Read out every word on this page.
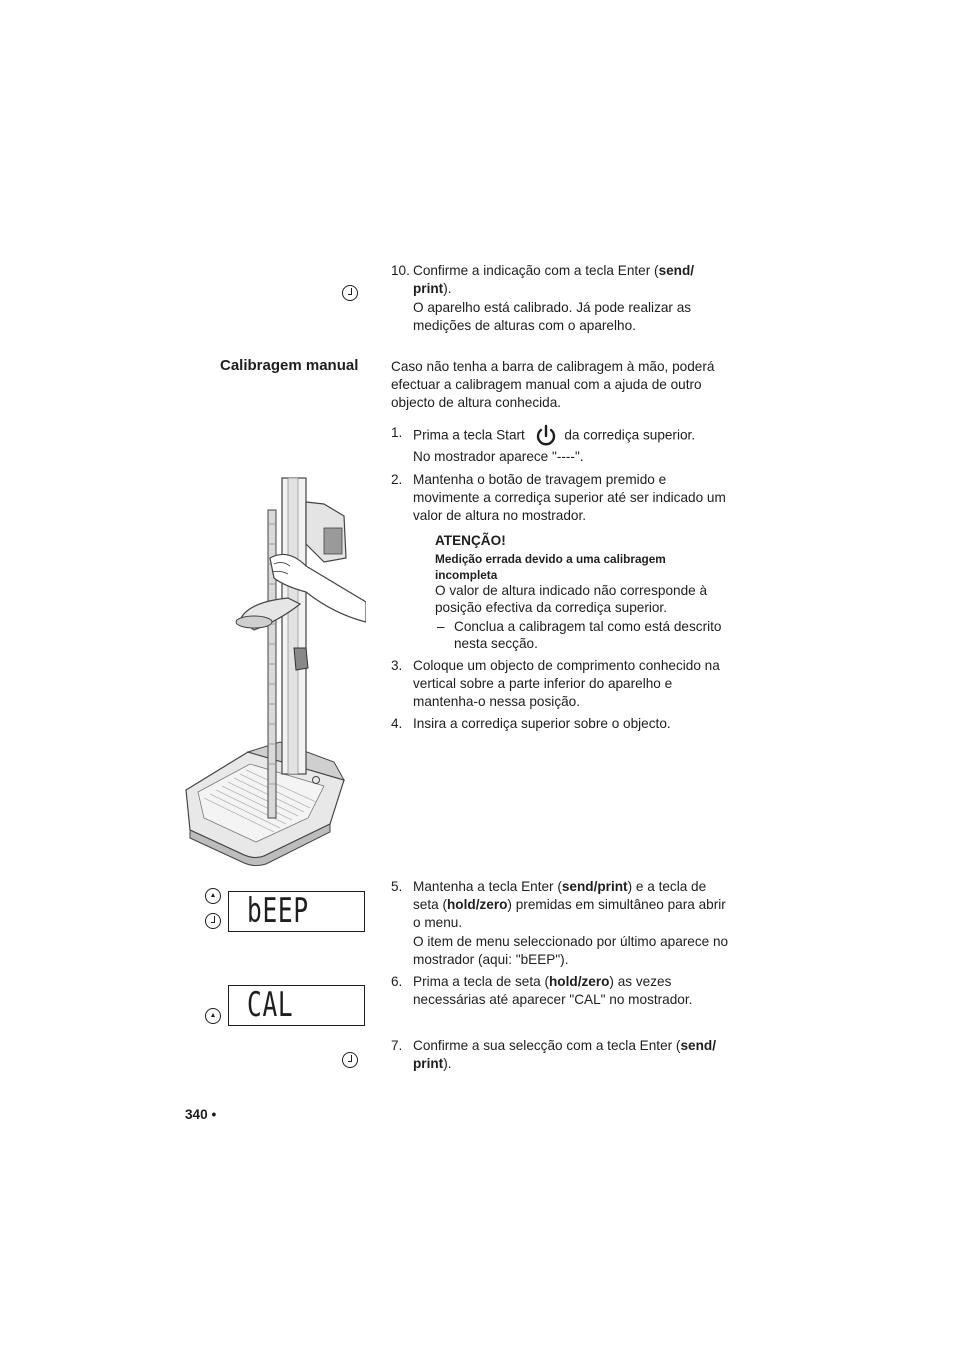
10. Confirme a indicação com a tecla Enter (send/
print).
O aparelho está calibrado. Já pode realizar as medições de alturas com o aparelho.
Calibragem manual Caso não tenha a barra de calibragem à mão, poderá efectuar a calibragem manual com a ajuda de outro objecto de altura conhecida.
1. Prima a tecla Start	da corrediça superior.
No mostrador aparece "----".
2. Mantenha o botão de travagem premido e movimente a corrediça superior até ser indicado um valor de altura no mostrador.
ATENÇÃO!
Medição errada devido a uma calibragem incompleta
O valor de altura indicado não corresponde à posição efectiva da corrediça superior.
– Conclua a calibragem tal como está descrito nesta secção.
3. Coloque um objecto de comprimento conhecido na vertical sobre a parte inferior do aparelho e mantenha-o nessa posição.
4. Insira a corrediça superior sobre o objecto.
bEEP
5. Mantenha a tecla Enter (send/print) e a tecla de seta (hold/zero) premidas em simultâneo para abrir o menu.
O item de menu seleccionado por último aparece no mostrador (aqui: "bEEP").
CAL
6. Prima a tecla de seta (hold/zero) as vezes necessárias até aparecer "CAL" no mostrador.
7. Confirme a sua selecção com a tecla Enter (send/
print).
340 •
